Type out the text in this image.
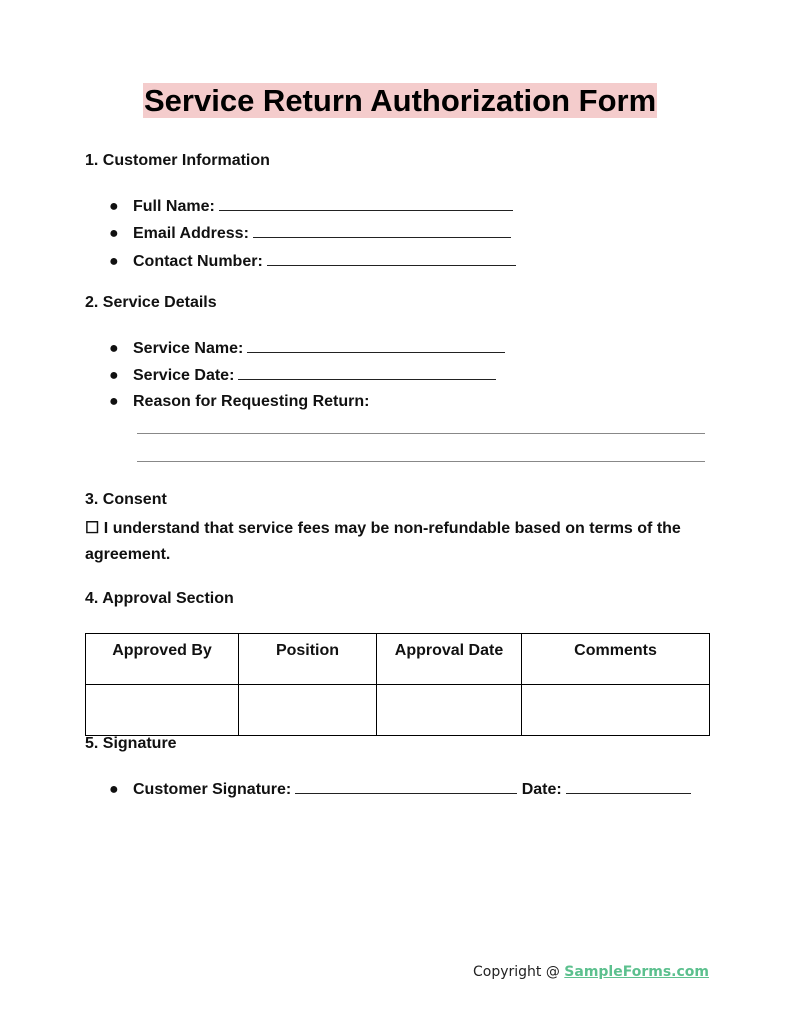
Service Return Authorization Form
1. Customer Information
● Full Name:
● Email Address:
● Contact Number:
2. Service Details
● Service Name:
● Service Date:
● Reason for Requesting Return:
3. Consent
☐ I understand that service fees may be non-refundable based on terms of the
agreement.
4. Approval Section
Approved By	Position	Approval Date	Comments

5. Signature
● Customer Signature:	Date:
Copyright @ SampleForms.com
